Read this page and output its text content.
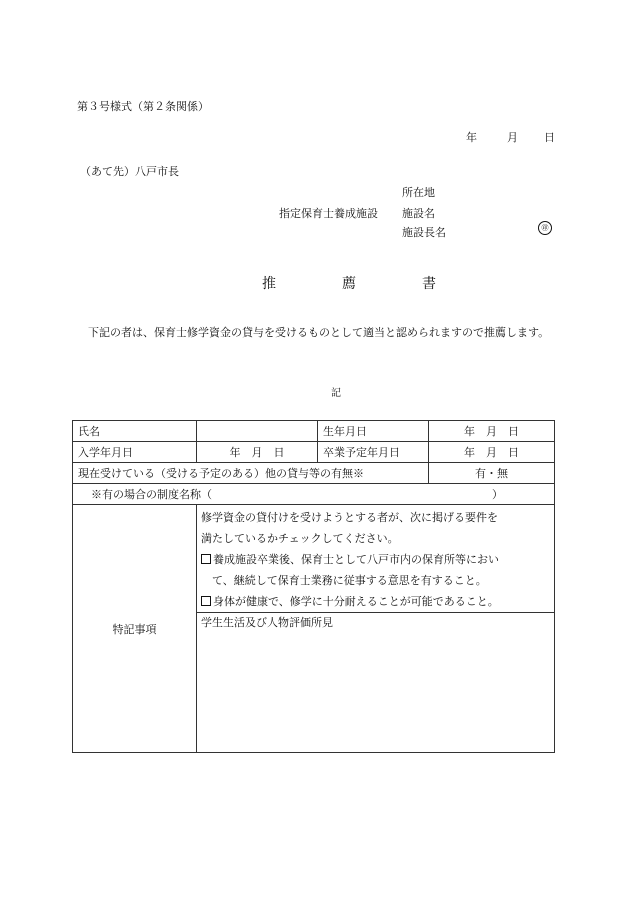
第３号様式（第２条関係）
年	月 日
（あて先）八戸市長
所在地
指定保育士養成施設 施設名
施設長名	㊞
推　薦　書
下記の者は、保育士修学資金の貸与を受けるものとして適当と認められますので推薦します。
記
氏名		生年月日	年　月　日
入学年月日	年　月　日	卒業予定年月日	年　月　日
現在受けている（受ける予定のある）他の貸与等の有無※			有・無
※有の場合の制度名称（ ）			
特記事項	修学資金の貸付けを受けようとする者が、次に掲げる要件を
満たしているかチェックしてください。
養成施設卒業後、保育士として八戸市内の保育所等におい
て、継続して保育士業務に従事する意思を有すること。
身体が健康で、修学に十分耐えることが可能であること。		

	学生生活及び人物評価所見		
